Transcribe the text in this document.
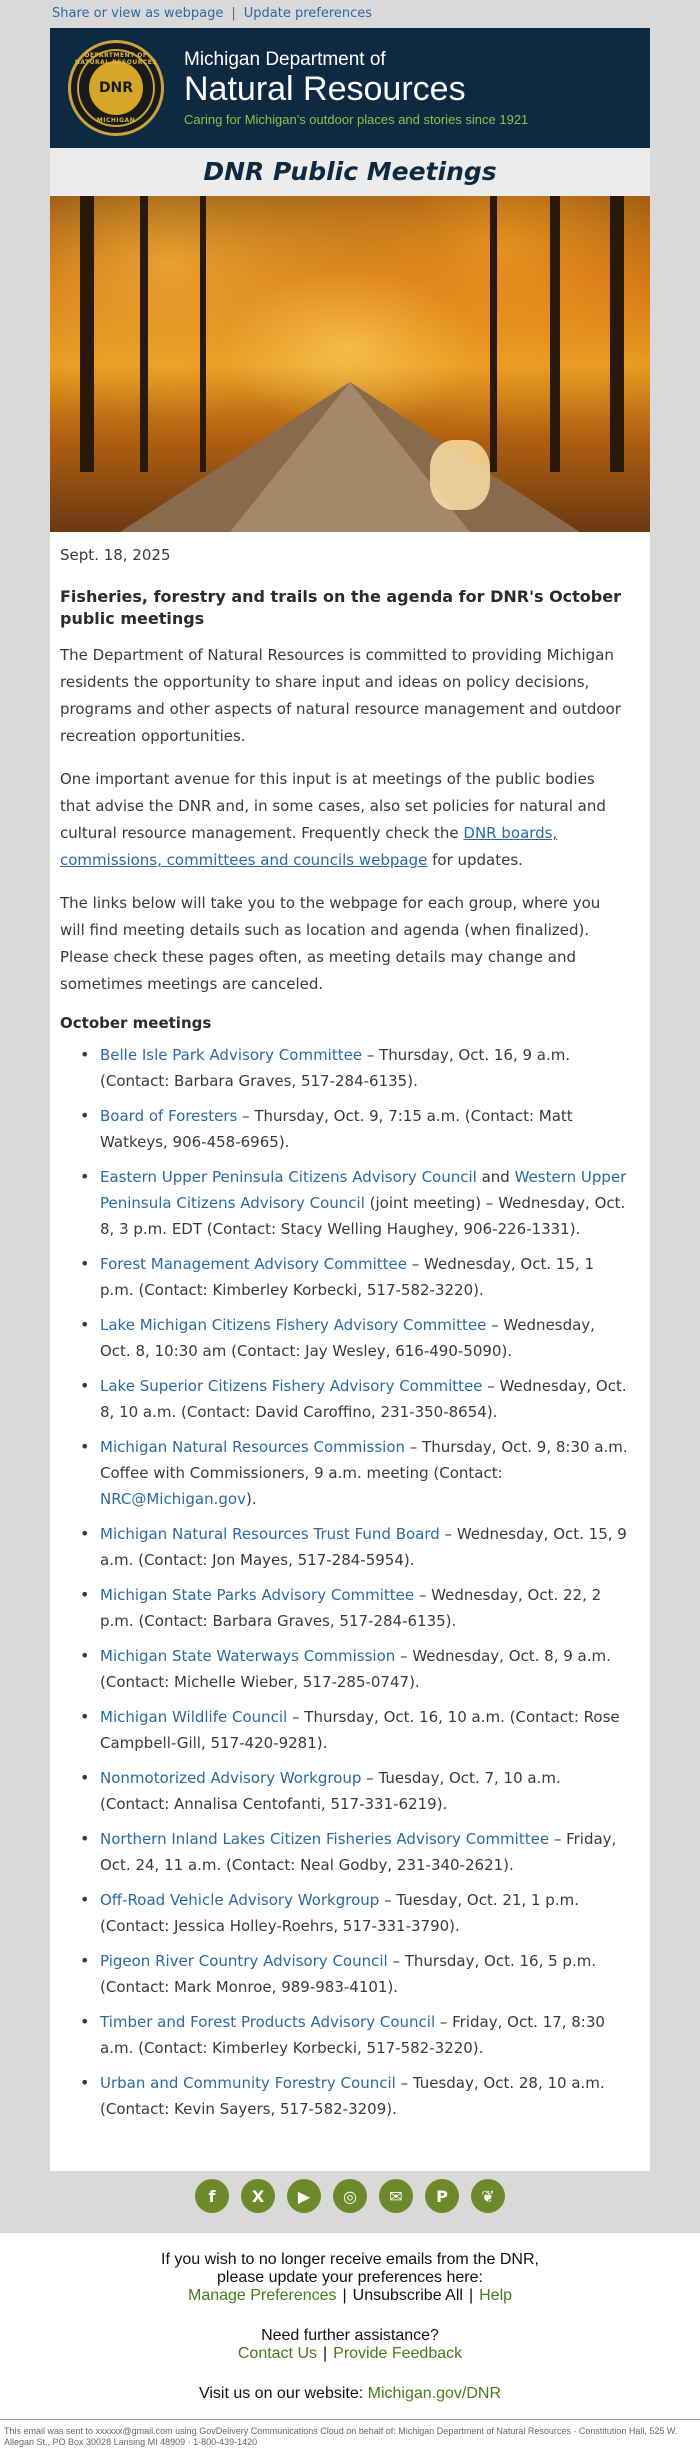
Share or view as webpage | Update preferences
DEPARTMENT OF NATURAL RESOURCES
DNR
MICHIGAN
Michigan Department of
Natural Resources
Caring for Michigan's outdoor places and stories since 1921
DNR Public Meetings
Sept. 18, 2025
Fisheries, forestry and trails on the agenda for DNR's October public meetings

The Department of Natural Resources is committed to providing Michigan residents the opportunity to share input and ideas on policy decisions, programs and other aspects of natural resource management and outdoor recreation opportunities.

One important avenue for this input is at meetings of the public bodies that advise the DNR and, in some cases, also set policies for natural and cultural resource management. Frequently check the DNR boards, commissions, committees and councils webpage for updates.

The links below will take you to the webpage for each group, where you will find meeting details such as location and agenda (when finalized). Please check these pages often, as meeting details may change and sometimes meetings are canceled.

October meetings
• Belle Isle Park Advisory Committee – Thursday, Oct. 16, 9 a.m. (Contact: Barbara Graves, 517-284-6135).
• Board of Foresters – Thursday, Oct. 9, 7:15 a.m. (Contact: Matt Watkeys, 906-458-6965).
• Eastern Upper Peninsula Citizens Advisory Council and Western Upper Peninsula Citizens Advisory Council (joint meeting) – Wednesday, Oct. 8, 3 p.m. EDT (Contact: Stacy Welling Haughey, 906-226-1331).
• Forest Management Advisory Committee – Wednesday, Oct. 15, 1 p.m. (Contact: Kimberley Korbecki, 517-582-3220).
• Lake Michigan Citizens Fishery Advisory Committee – Wednesday, Oct. 8, 10:30 am (Contact: Jay Wesley, 616-490-5090).
• Lake Superior Citizens Fishery Advisory Committee – Wednesday, Oct. 8, 10 a.m. (Contact: David Caroffino, 231-350-8654).
• Michigan Natural Resources Commission – Thursday, Oct. 9, 8:30 a.m. Coffee with Commissioners, 9 a.m. meeting (Contact: NRC@Michigan.gov).
• Michigan Natural Resources Trust Fund Board – Wednesday, Oct. 15, 9 a.m. (Contact: Jon Mayes, 517-284-5954).
• Michigan State Parks Advisory Committee – Wednesday, Oct. 22, 2 p.m. (Contact: Barbara Graves, 517-284-6135).
• Michigan State Waterways Commission – Wednesday, Oct. 8, 9 a.m. (Contact: Michelle Wieber, 517-285-0747).
• Michigan Wildlife Council – Thursday, Oct. 16, 10 a.m. (Contact: Rose Campbell-Gill, 517-420-9281).
• Nonmotorized Advisory Workgroup – Tuesday, Oct. 7, 10 a.m. (Contact: Annalisa Centofanti, 517-331-6219).
• Northern Inland Lakes Citizen Fisheries Advisory Committee – Friday, Oct. 24, 11 a.m. (Contact: Neal Godby, 231-340-2621).
• Off-Road Vehicle Advisory Workgroup – Tuesday, Oct. 21, 1 p.m. (Contact: Jessica Holley-Roehrs, 517-331-3790).
• Pigeon River Country Advisory Council – Thursday, Oct. 16, 5 p.m. (Contact: Mark Monroe, 989-983-4101).
• Timber and Forest Products Advisory Council – Friday, Oct. 17, 8:30 a.m. (Contact: Kimberley Korbecki, 517-582-3220).
• Urban and Community Forestry Council – Tuesday, Oct. 28, 10 a.m. (Contact: Kevin Sayers, 517-582-3209).
f	X	▶	◎	✉	P	❦
If you wish to no longer receive emails from the DNR,
please update your preferences here:
Manage Preferences | Unsubscribe All | Help
Need further assistance?
Contact Us | Provide Feedback
Visit us on our website: Michigan.gov/DNR
This email was sent to xxxxxx@gmail.com using GovDelivery Communications Cloud on behalf of: Michigan Department of Natural Resources · Constitution Hall, 525 W. Allegan St., PO Box 30028 Lansing MI 48909 · 1-800-439-1420
